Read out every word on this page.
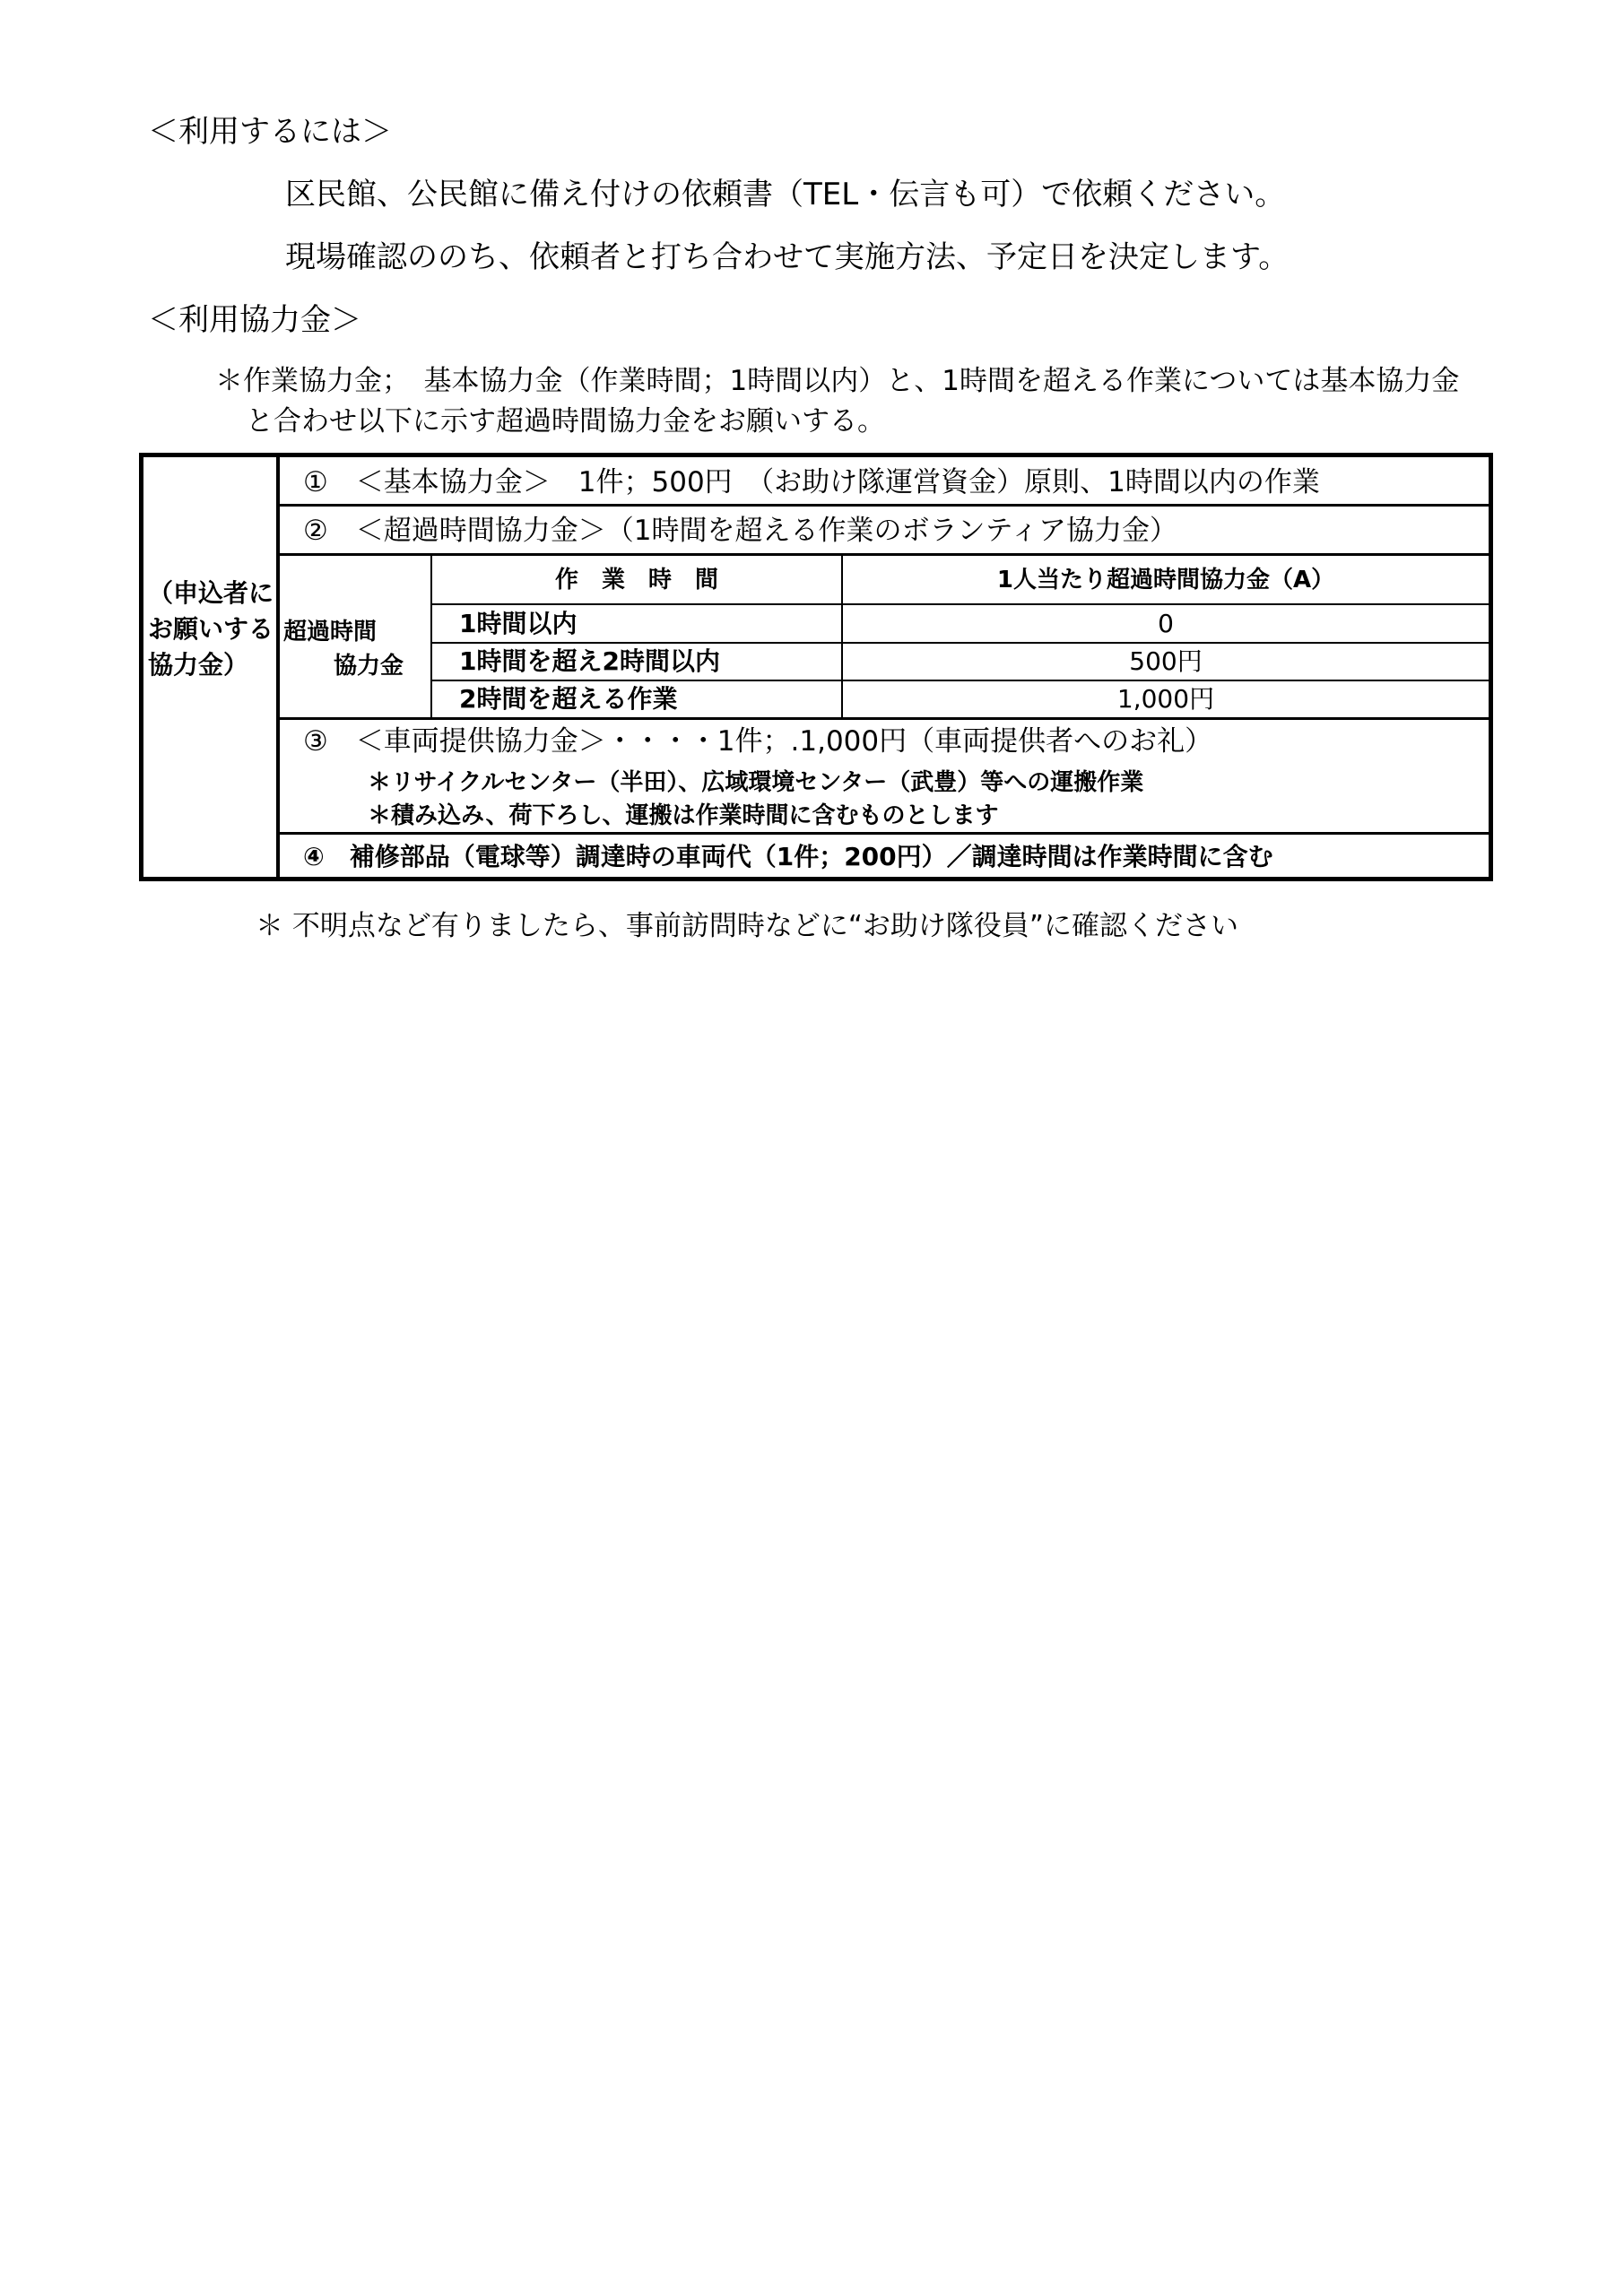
＜利用するには＞
区民館、公民館に備え付けの依頼書（TEL・伝言も可）で依頼ください。
現場確認ののち、依頼者と打ち合わせて実施方法、予定日を決定します。
＜利用協力金＞
＊作業協力金；　基本協力金（作業時間；1時間以内）と、1時間を超える作業については基本協力金
と合わせ以下に示す超過時間協力金をお願いする。
（申込者に
お願いする
協力金）
①　＜基本協力金＞　1件；500円　（お助け隊運営資金）原則、1時間以内の作業
②　＜超過時間協力金＞（1時間を超える作業のボランティア協力金）
超過時間
協力金
作　業　時　間	1人当たり超過時間協力金（A）
1時間以内	0
1時間を超え2時間以内	500円
2時間を超える作業	1,000円
③　＜車両提供協力金＞・・・・1件；.1,000円（車両提供者へのお礼）
＊リサイクルセンター（半田）、広域環境センター（武豊）等への運搬作業
＊積み込み、荷下ろし、運搬は作業時間に含むものとします
④　補修部品（電球等）調達時の車両代（1件；200円）／調達時間は作業時間に含む
＊ 不明点など有りましたら、事前訪問時などに“お助け隊役員”に確認ください
